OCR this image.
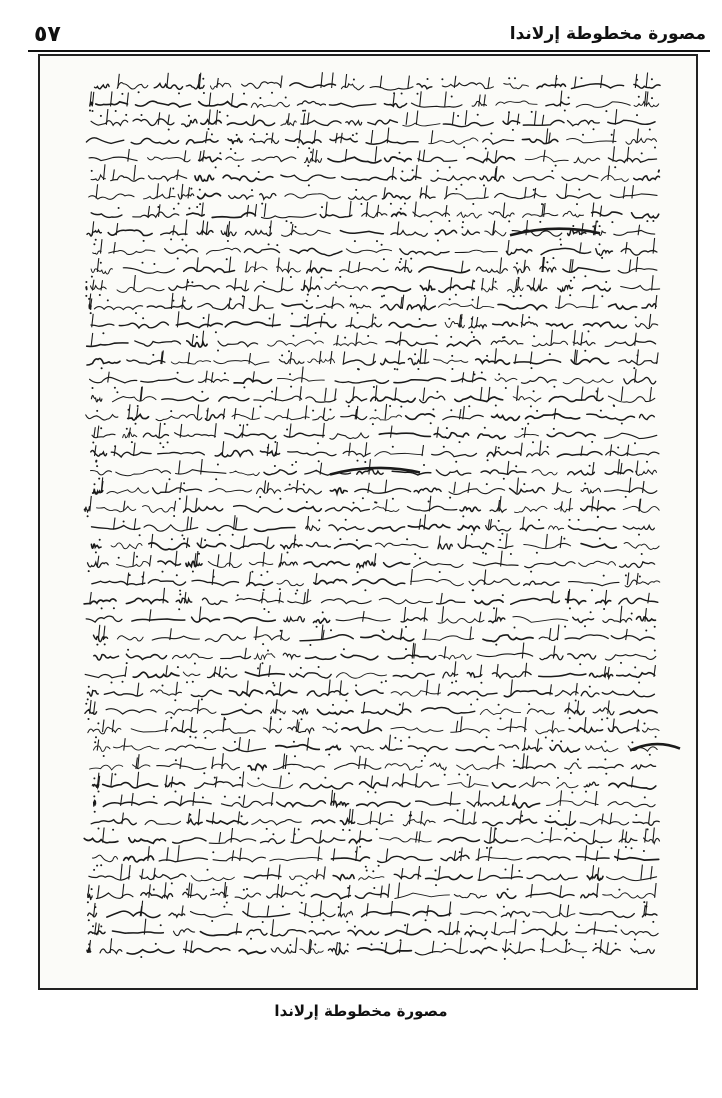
٥٧	مصورة مخطوطة إرلاندا
مصورة مخطوطة إرلاندا
